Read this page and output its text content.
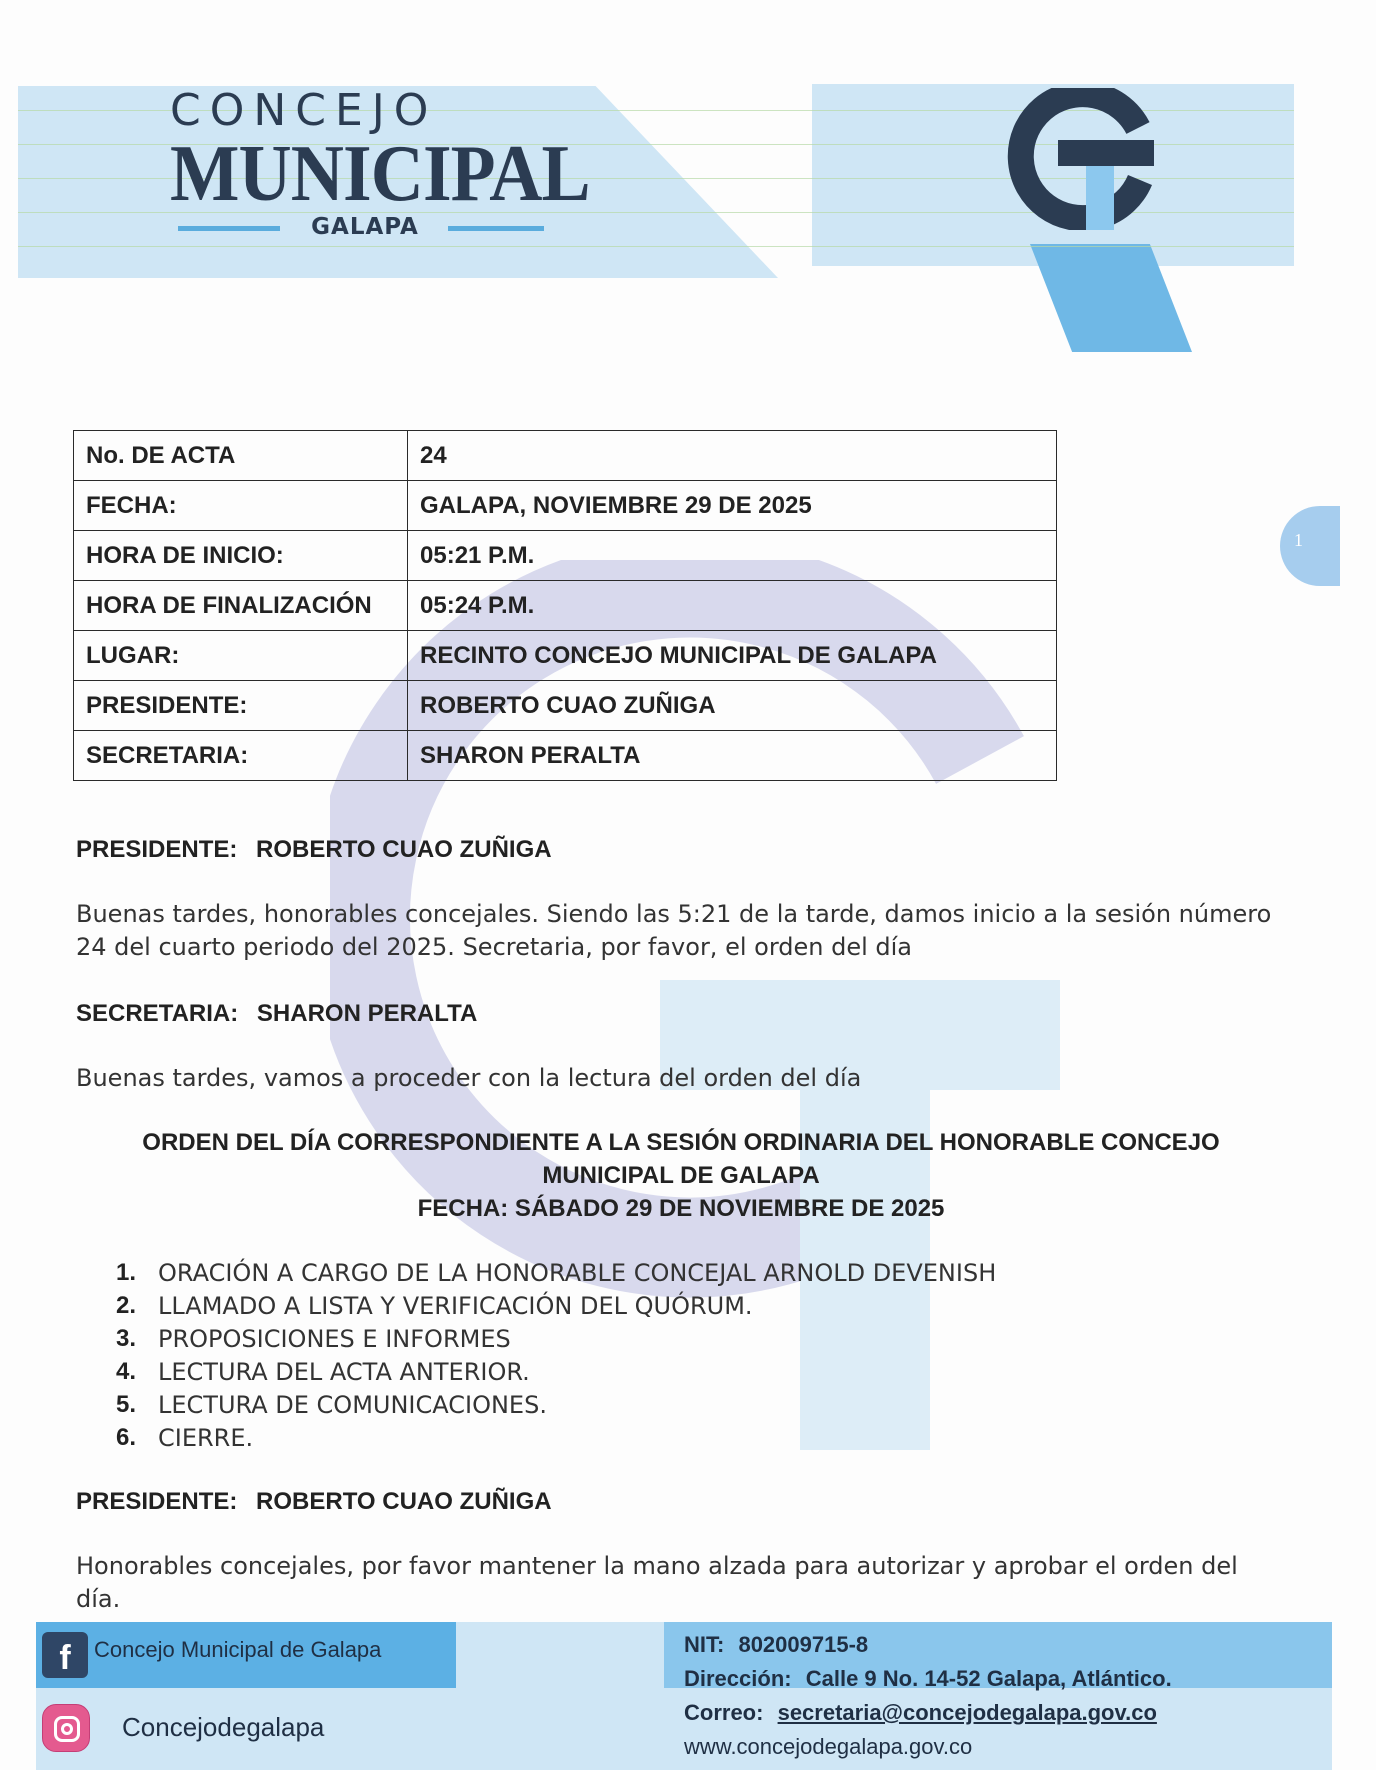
CONCEJO
MUNICIPAL
GALAPA
1
No. DE ACTA	24
FECHA:	GALAPA, NOVIEMBRE 29 DE 2025
HORA DE INICIO:	05:21 P.M.
HORA DE FINALIZACIÓN	05:24 P.M.
LUGAR:	RECINTO CONCEJO MUNICIPAL DE GALAPA
PRESIDENTE:	ROBERTO CUAO ZUÑIGA
SECRETARIA:	SHARON PERALTA
PRESIDENTE: ROBERTO CUAO ZUÑIGA
Buenas tardes, honorables concejales. Siendo las 5:21 de la tarde, damos inicio a la sesión número 24 del cuarto periodo del 2025. Secretaria, por favor, el orden del día
SECRETARIA: SHARON PERALTA
Buenas tardes, vamos a proceder con la lectura del orden del día
ORDEN DEL DÍA CORRESPONDIENTE A LA SESIÓN ORDINARIA DEL HONORABLE CONCEJO
MUNICIPAL DE GALAPA
FECHA: SÁBADO 29 DE NOVIEMBRE DE 2025
1. ORACIÓN A CARGO DE LA HONORABLE CONCEJAL ARNOLD DEVENISH
2. LLAMADO A LISTA Y VERIFICACIÓN DEL QUÓRUM.
3. PROPOSICIONES E INFORMES
4. LECTURA DEL ACTA ANTERIOR.
5. LECTURA DE COMUNICACIONES.
6. CIERRE.
PRESIDENTE: ROBERTO CUAO ZUÑIGA
Honorables concejales, por favor mantener la mano alzada para autorizar y aprobar el orden del día.
f	Concejo Municipal de Galapa
Concejodegalapa
NIT: 802009715-8
Dirección: Calle 9 No. 14-52 Galapa, Atlántico.
Correo: secretaria@concejodegalapa.gov.co
www.concejodegalapa.gov.co
